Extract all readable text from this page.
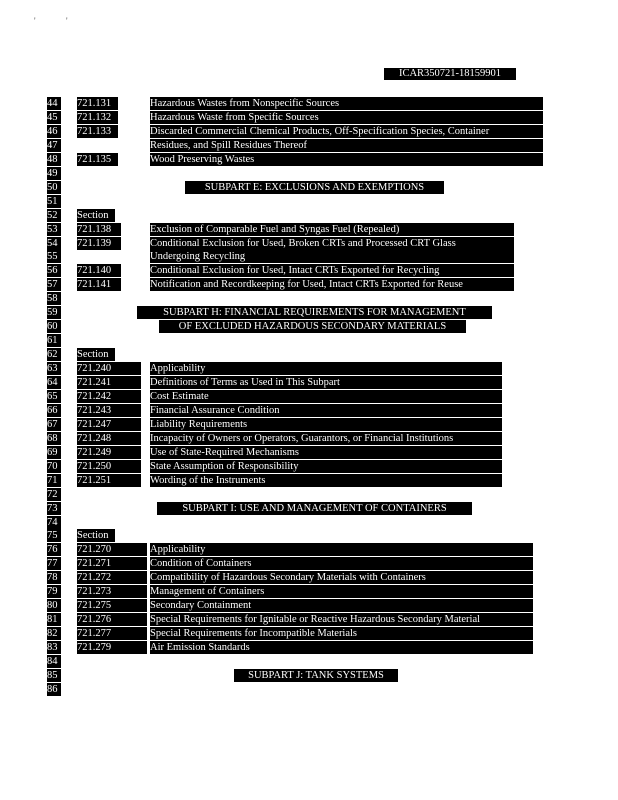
'	'
ICAR350721-18159901
44	721.131	Hazardous Wastes from Nonspecific Sources
45	721.132	Hazardous Waste from Specific Sources
46	721.133	Discarded Commercial Chemical Products, Off-Specification Species, Container
47	Residues, and Spill Residues Thereof
48	721.135	Wood Preserving Wastes
49
50	SUBPART E: EXCLUSIONS AND EXEMPTIONS
51
52	Section
53	721.138	Exclusion of Comparable Fuel and Syngas Fuel (Repealed)
54	721.139	Conditional Exclusion for Used, Broken CRTs and Processed CRT Glass
55	Undergoing Recycling
56	721.140	Conditional Exclusion for Used, Intact CRTs Exported for Recycling
57	721.141	Notification and Recordkeeping for Used, Intact CRTs Exported for Reuse
58
59	SUBPART H: FINANCIAL REQUIREMENTS FOR MANAGEMENT
60	OF EXCLUDED HAZARDOUS SECONDARY MATERIALS
61
62	Section
63	721.240	Applicability
64	721.241	Definitions of Terms as Used in This Subpart
65	721.242	Cost Estimate
66	721.243	Financial Assurance Condition
67	721.247	Liability Requirements
68	721.248	Incapacity of Owners or Operators, Guarantors, or Financial Institutions
69	721.249	Use of State-Required Mechanisms
70	721.250	State Assumption of Responsibility
71	721.251	Wording of the Instruments
72
73	SUBPART I: USE AND MANAGEMENT OF CONTAINERS
74
75	Section
76	721.270	Applicability
77	721.271	Condition of Containers
78	721.272	Compatibility of Hazardous Secondary Materials with Containers
79	721.273	Management of Containers
80	721.275	Secondary Containment
81	721.276	Special Requirements for Ignitable or Reactive Hazardous Secondary Material
82	721.277	Special Requirements for Incompatible Materials
83	721.279	Air Emission Standards
84
85	SUBPART J: TANK SYSTEMS
86
